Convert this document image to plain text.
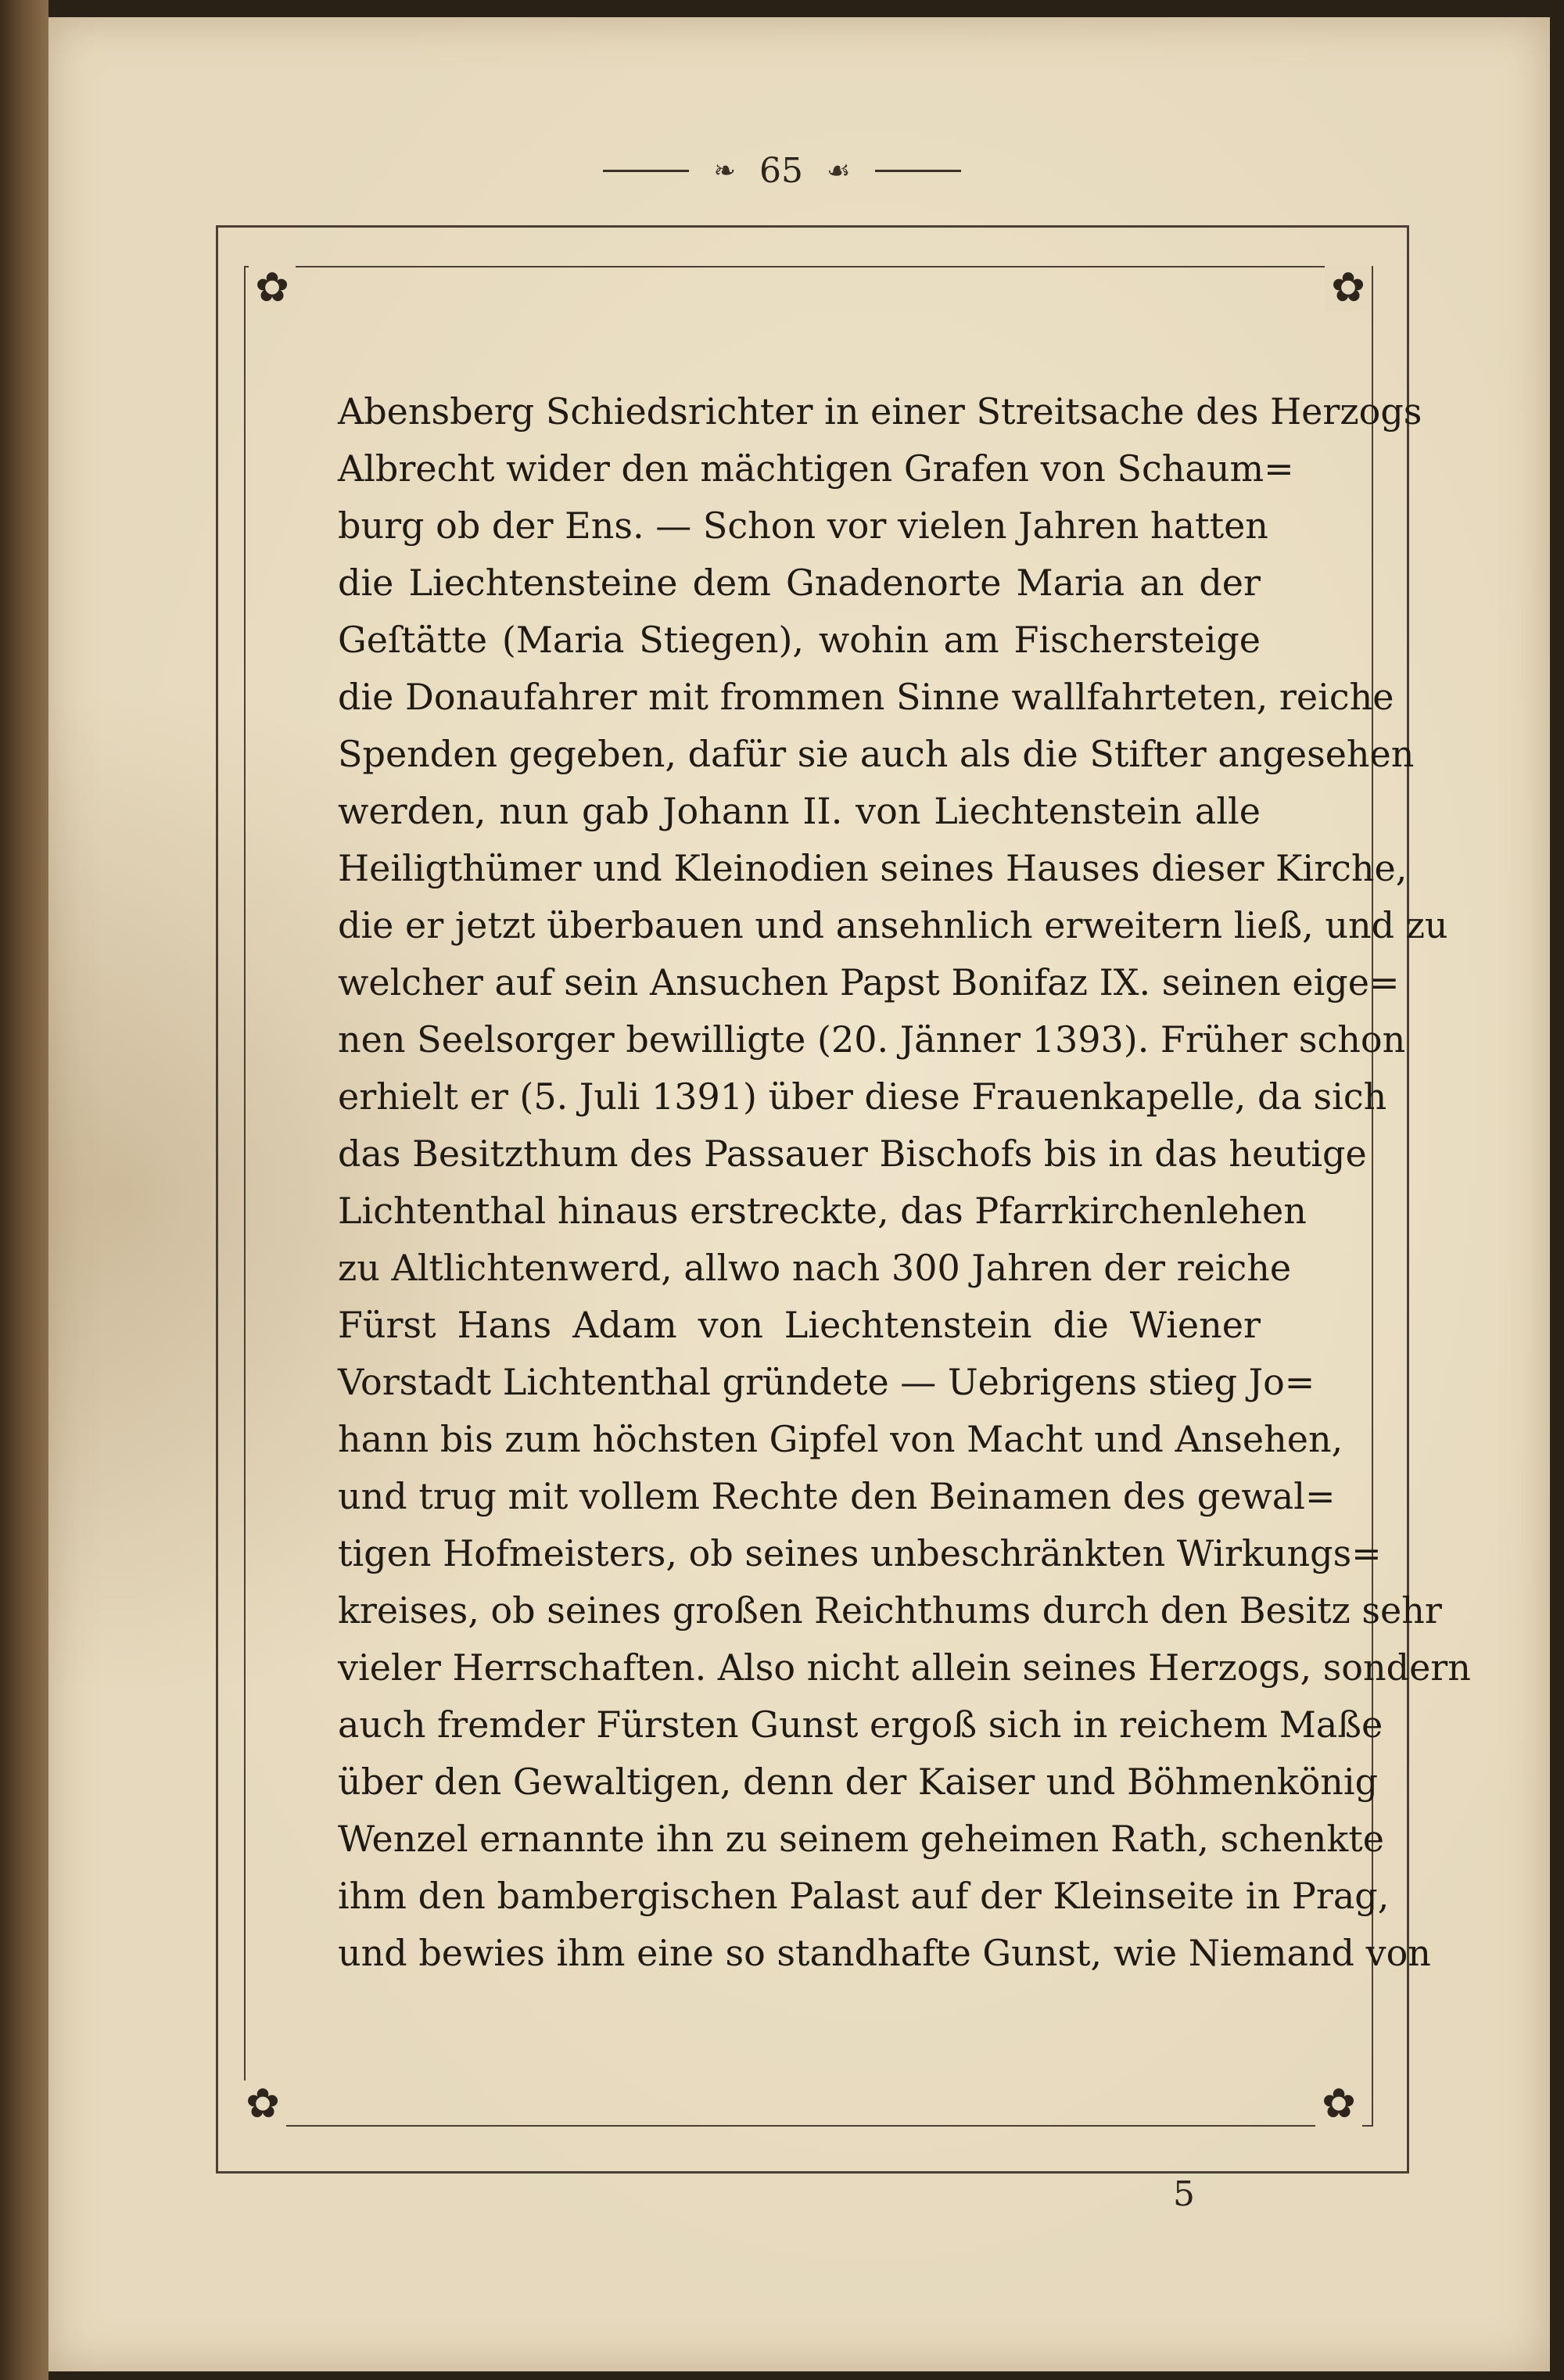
❧ 65 ☙
✿	✿
✿	✿
Abensberg Schiedsrichter in einer Streitsache des Herzogs
Albrecht wider den mächtigen Grafen von Schaum=
burg ob der Ens. — Schon vor vielen Jahren hatten
die Liechtensteine dem Gnadenorte Maria an der
Geſtätte (Maria Stiegen), wohin am Fischersteige
die Donaufahrer mit frommen Sinne wallfahrteten, reiche
Spenden gegeben, dafür sie auch als die Stifter angesehen
werden, nun gab Johann II. von Liechtenstein alle
Heiligthümer und Kleinodien seines Hauses dieser Kirche,
die er jetzt überbauen und ansehnlich erweitern ließ, und zu
welcher auf sein Ansuchen Papst Bonifaz IX. seinen eige=
nen Seelsorger bewilligte (20. Jänner 1393). Früher schon
erhielt er (5. Juli 1391) über diese Frauenkapelle, da sich
das Besitzthum des Passauer Bischofs bis in das heutige
Lichtenthal hinaus erstreckte, das Pfarrkirchenlehen
zu Altlichtenwerd, allwo nach 300 Jahren der reiche
Fürst Hans Adam von Liechtenstein die Wiener
Vorstadt Lichtenthal gründete — Uebrigens stieg Jo=
hann bis zum höchsten Gipfel von Macht und Ansehen,
und trug mit vollem Rechte den Beinamen des gewal=
tigen Hofmeisters, ob seines unbeschränkten Wirkungs=
kreises, ob seines großen Reichthums durch den Besitz sehr
vieler Herrschaften. Also nicht allein seines Herzogs, sondern
auch fremder Fürsten Gunst ergoß sich in reichem Maße
über den Gewaltigen, denn der Kaiser und Böhmenkönig
Wenzel ernannte ihn zu seinem geheimen Rath, schenkte
ihm den bambergischen Palast auf der Kleinseite in Prag,
und bewies ihm eine so standhafte Gunst, wie Niemand von
5
